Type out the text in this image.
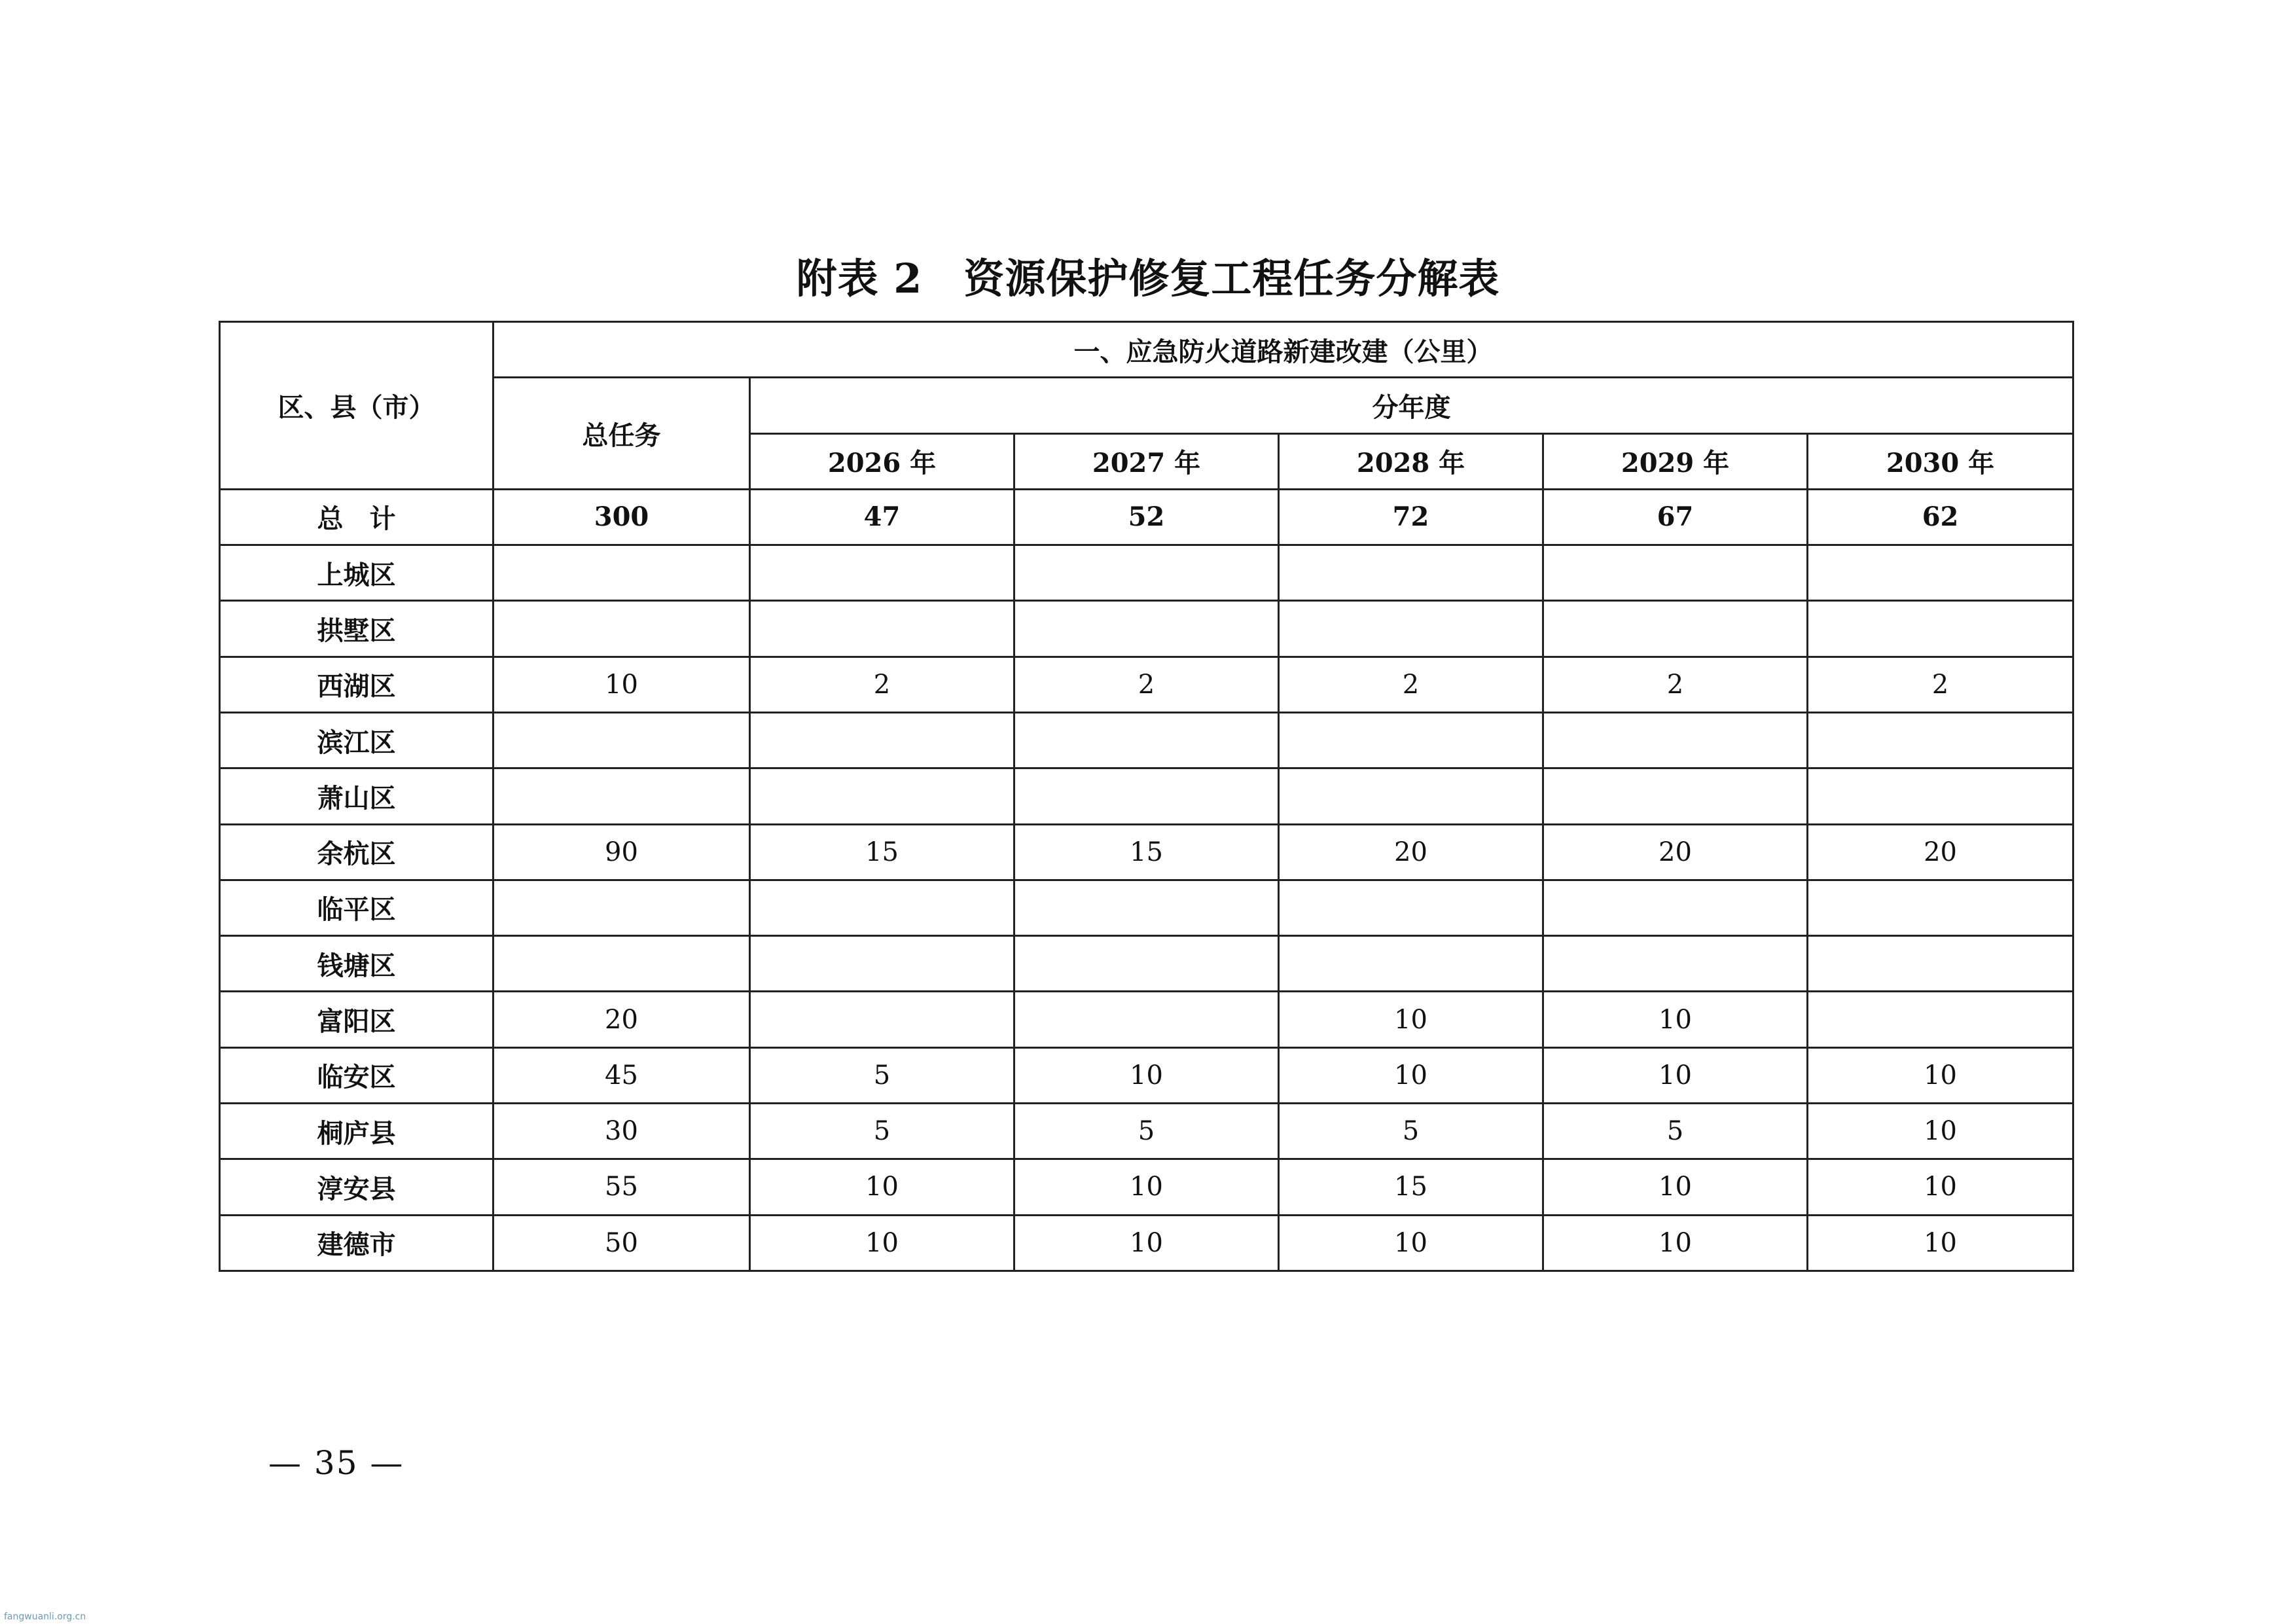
附表 2　资源保护修复工程任务分解表
区、县（市）	一、应急防火道路新建改建（公里）					
	总任务	分年度				
		2026 年	2027 年	2028 年	2029 年	2030 年
总　计	300	47	52	72	67	62
上城区						
拱墅区						
西湖区	10	2	2	2	2	2
滨江区						
萧山区						
余杭区	90	15	15	20	20	20
临平区						
钱塘区						
富阳区	20			10	10	
临安区	45	5	10	10	10	10
桐庐县	30	5	5	5	5	10
淳安县	55	10	10	15	10	10
建德市	50	10	10	10	10	10
— 35 —
fangwuanli.org.cn
